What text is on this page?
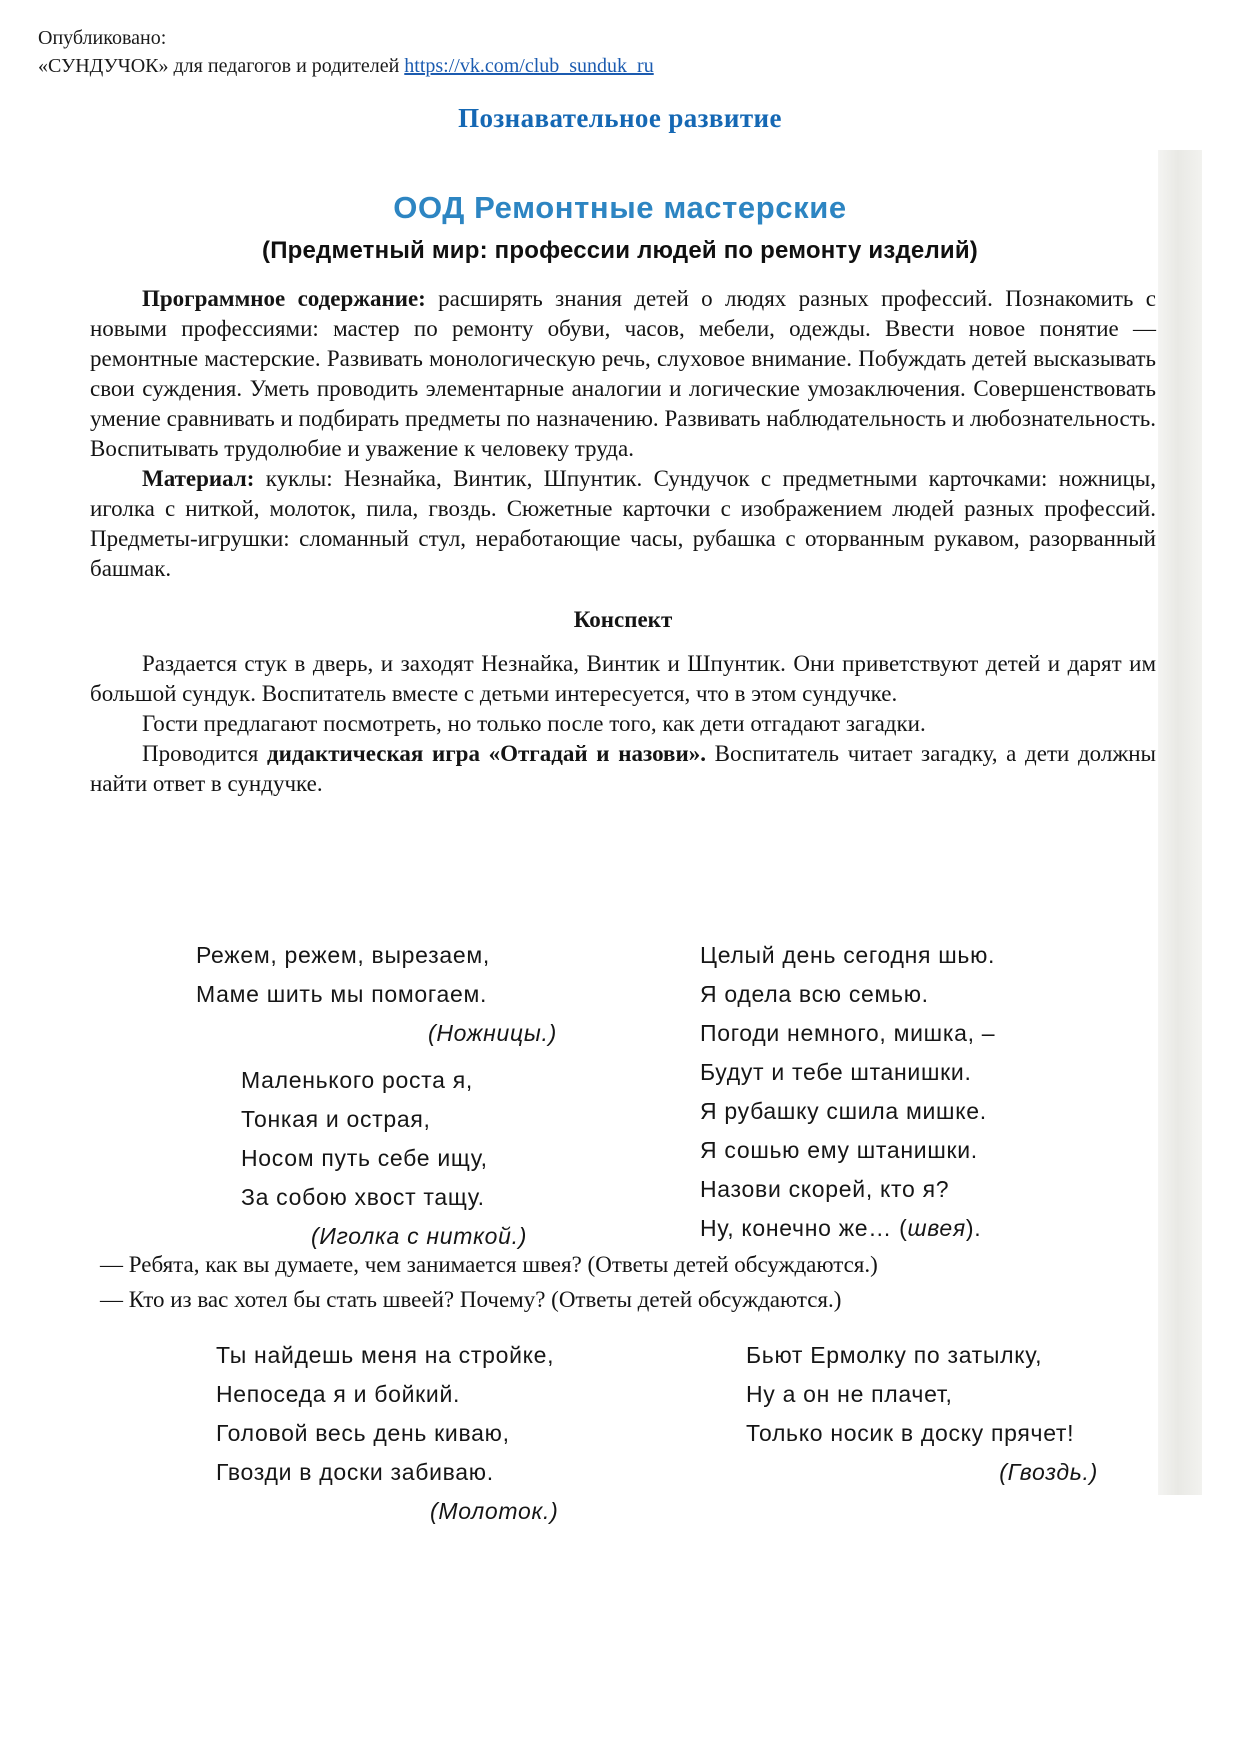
Опубликовано:
«СУНДУЧОК» для педагогов и родителей https://vk.com/club_sunduk_ru
Познавательное развитие
ООД Ремонтные мастерские
(Предметный мир: профессии людей по ремонту изделий)

Программное содержание: расширять знания детей о людях разных профессий. Познакомить с новыми профессиями: мастер по ремонту обуви, часов, мебели, одежды. Ввести новое понятие — ремонтные мастерские. Развивать монологическую речь, слуховое внимание. Побуждать детей высказывать свои суждения. Уметь проводить элементарные аналогии и логические умозаключения. Совершенствовать умение сравнивать и подбирать предметы по назначению. Развивать наблюдательность и любознательность. Воспитывать трудолюбие и уважение к человеку труда.

Материал: куклы: Незнайка, Винтик, Шпунтик. Сундучок с предметными карточками: ножницы, иголка с ниткой, молоток, пила, гвоздь. Сюжетные карточки с изображением людей разных профессий. Предметы-игрушки: сломанный стул, неработающие часы, рубашка с оторванным рукавом, разорванный башмак.

Конспект

Раздается стук в дверь, и заходят Незнайка, Винтик и Шпунтик. Они приветствуют детей и дарят им большой сундук. Воспитатель вместе с детьми интересуется, что в этом сундучке.

Гости предлагают посмотреть, но только после того, как дети отгадают загадки.

Проводится дидактическая игра «Отгадай и назови». Воспитатель читает загадку, а дети должны найти ответ в сундучке.

Режем, режем, вырезаем,
Маме шить мы помогаем.
(Ножницы.)
Маленького роста я,
Тонкая и острая,
Носом путь себе ищу,
За собою хвост тащу.
(Иголка с ниткой.)
Целый день сегодня шью.
Я одела всю семью.
Погоди немного, мишка, –
Будут и тебе штанишки.
Я рубашку сшила мишке.
Я сошью ему штанишки.
Назови скорей, кто я?
Ну, конечно же… (швея).
— Ребята, как вы думаете, чем занимается швея? (Ответы детей обсуждаются.)
— Кто из вас хотел бы стать швеей? Почему? (Ответы детей обсуждаются.)
Ты найдешь меня на стройке,
Непоседа я и бойкий.
Головой весь день киваю,
Гвозди в доски забиваю.
(Молоток.)
Бьют Ермолку по затылку,
Ну а он не плачет,
Только носик в доску прячет!
(Гвоздь.)
